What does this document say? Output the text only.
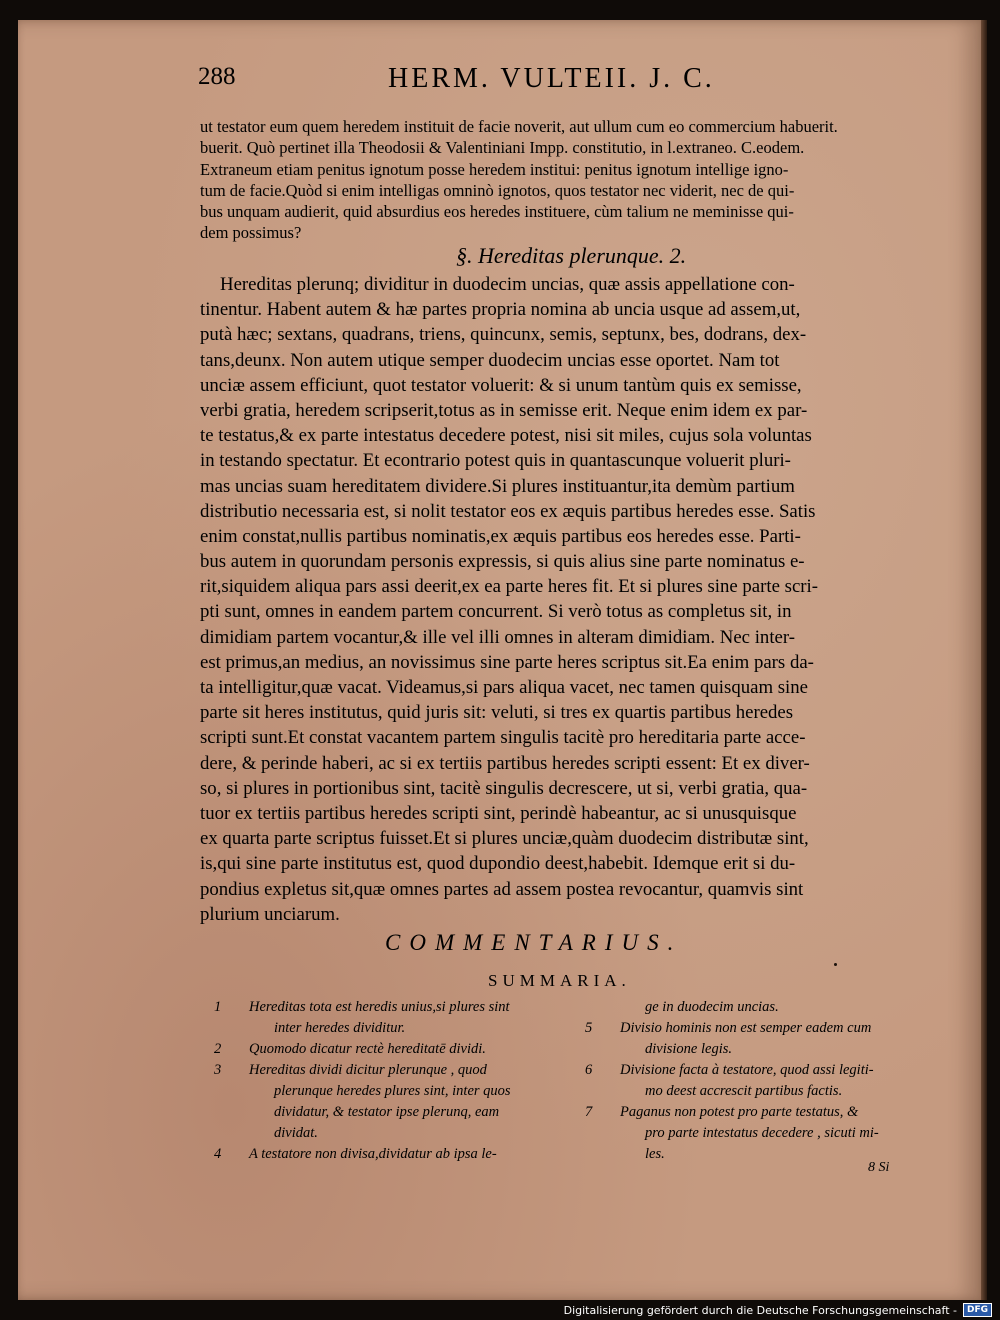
288	HERM. VULTEII. J. C.

ut testator eum quem heredem instituit de facie noverit, aut ullum cum eo commercium habuerit.

buerit. Quò pertinet illa Theodosii & Valentiniani Impp. constitutio, in l.extraneo. C.eodem.

Extraneum etiam penitus ignotum posse heredem institui: penitus ignotum intellige igno-

tum de facie.Quòd si enim intelligas omninò ignotos, quos testator nec viderit, nec de qui-

bus unquam audierit, quid absurdius eos heredes instituere, cùm talium ne meminisse qui-

dem possimus?

§. Hereditas plerunque. 2.

Hereditas plerunq; dividitur in duodecim uncias, quæ assis appellatione con-

tinentur. Habent autem & hæ partes propria nomina ab uncia usque ad assem,ut,

putà hæc; sextans, quadrans, triens, quincunx, semis, septunx, bes, dodrans, dex-

tans,deunx. Non autem utique semper duodecim uncias esse oportet. Nam tot

unciæ assem efficiunt, quot testator voluerit: & si unum tantùm quis ex semisse,

verbi gratia, heredem scripserit,totus as in semisse erit. Neque enim idem ex par-

te testatus,& ex parte intestatus decedere potest, nisi sit miles, cujus sola voluntas

in testando spectatur. Et econtrario potest quis in quantascunque voluerit pluri-

mas uncias suam hereditatem dividere.Si plures instituantur,ita demùm partium

distributio necessaria est, si nolit testator eos ex æquis partibus heredes esse. Satis

enim constat,nullis partibus nominatis,ex æquis partibus eos heredes esse. Parti-

bus autem in quorundam personis expressis, si quis alius sine parte nominatus e-

rit,siquidem aliqua pars assi deerit,ex ea parte heres fit. Et si plures sine parte scri-

pti sunt, omnes in eandem partem concurrent. Si verò totus as completus sit, in

dimidiam partem vocantur,& ille vel illi omnes in alteram dimidiam. Nec inter-

est primus,an medius, an novissimus sine parte heres scriptus sit.Ea enim pars da-

ta intelligitur,quæ vacat. Videamus,si pars aliqua vacet, nec tamen quisquam sine

parte sit heres institutus, quid juris sit: veluti, si tres ex quartis partibus heredes

scripti sunt.Et constat vacantem partem singulis tacitè pro hereditaria parte acce-

dere, & perinde haberi, ac si ex tertiis partibus heredes scripti essent: Et ex diver-

so, si plures in portionibus sint, tacitè singulis decrescere, ut si, verbi gratia, qua-

tuor ex tertiis partibus heredes scripti sint, perindè habeantur, ac si unusquisque

ex quarta parte scriptus fuisset.Et si plures unciæ,quàm duodecim distributæ sint,

is,qui sine parte institutus est, quod dupondio deest,habebit. Idemque erit si du-

pondius expletus sit,quæ omnes partes ad assem postea revocantur, quamvis sint

plurium unciarum.

COMMENTARIUS.
SUMMARIA.
1	Hereditas tota est heredis unius,si plures sint
inter heredes dividitur.
2	Quomodo dicatur rectè hereditatē dividi.
3	Hereditas dividi dicitur plerunque , quod
plerunque heredes plures sint, inter quos
dividatur, & testator ipse plerunq, eam
dividat.
4	A testatore non divisa,dividatur ab ipsa le-
ge in duodecim uncias.
5	Divisio hominis non est semper eadem cum
divisione legis.
6	Divisione facta à testatore, quod assi legiti-
mo deest accrescit partibus factis.
7	Paganus non potest pro parte testatus, &
pro parte intestatus decedere , sicuti mi-
les.
8 Si
Digitalisierung gefördert durch die Deutsche Forschungsgemeinschaft -	DFG
